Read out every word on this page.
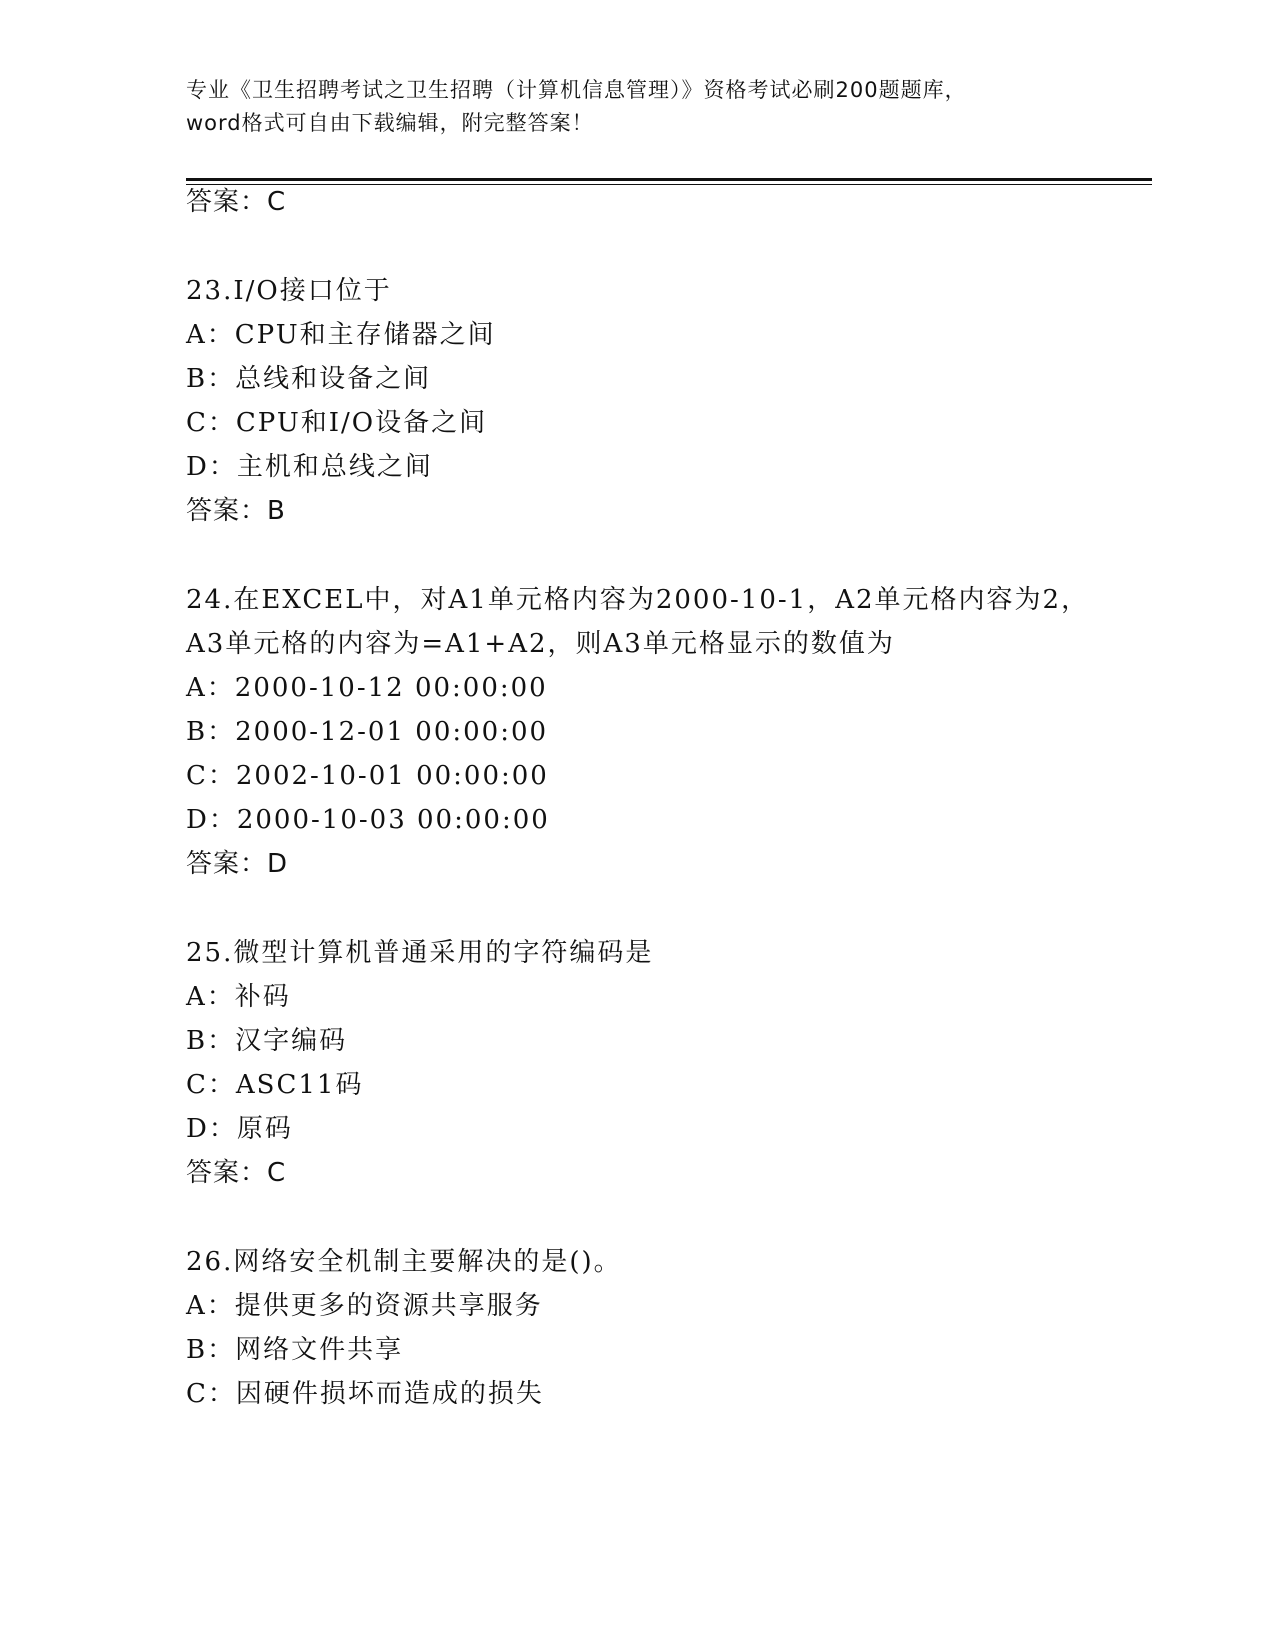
专业《卫生招聘考试之卫生招聘（计算机信息管理）》资格考试必刷200题题库，
word格式可自由下载编辑，附完整答案！
答案：C
23.I/O接口位于
A：CPU和主存储器之间
B：总线和设备之间
C：CPU和I/O设备之间
D：主机和总线之间
答案：B
24.在EXCEL中，对A1单元格内容为2000-10-1，A2单元格内容为2，
A3单元格的内容为=A1+A2，则A3单元格显示的数值为
A：2000-10-12 00:00:00
B：2000-12-01 00:00:00
C：2002-10-01 00:00:00
D：2000-10-03 00:00:00
答案：D
25.微型计算机普通采用的字符编码是
A：补码
B：汉字编码
C：ASC11码
D：原码
答案：C
26.网络安全机制主要解决的是()。
A：提供更多的资源共享服务
B：网络文件共享
C：因硬件损坏而造成的损失
